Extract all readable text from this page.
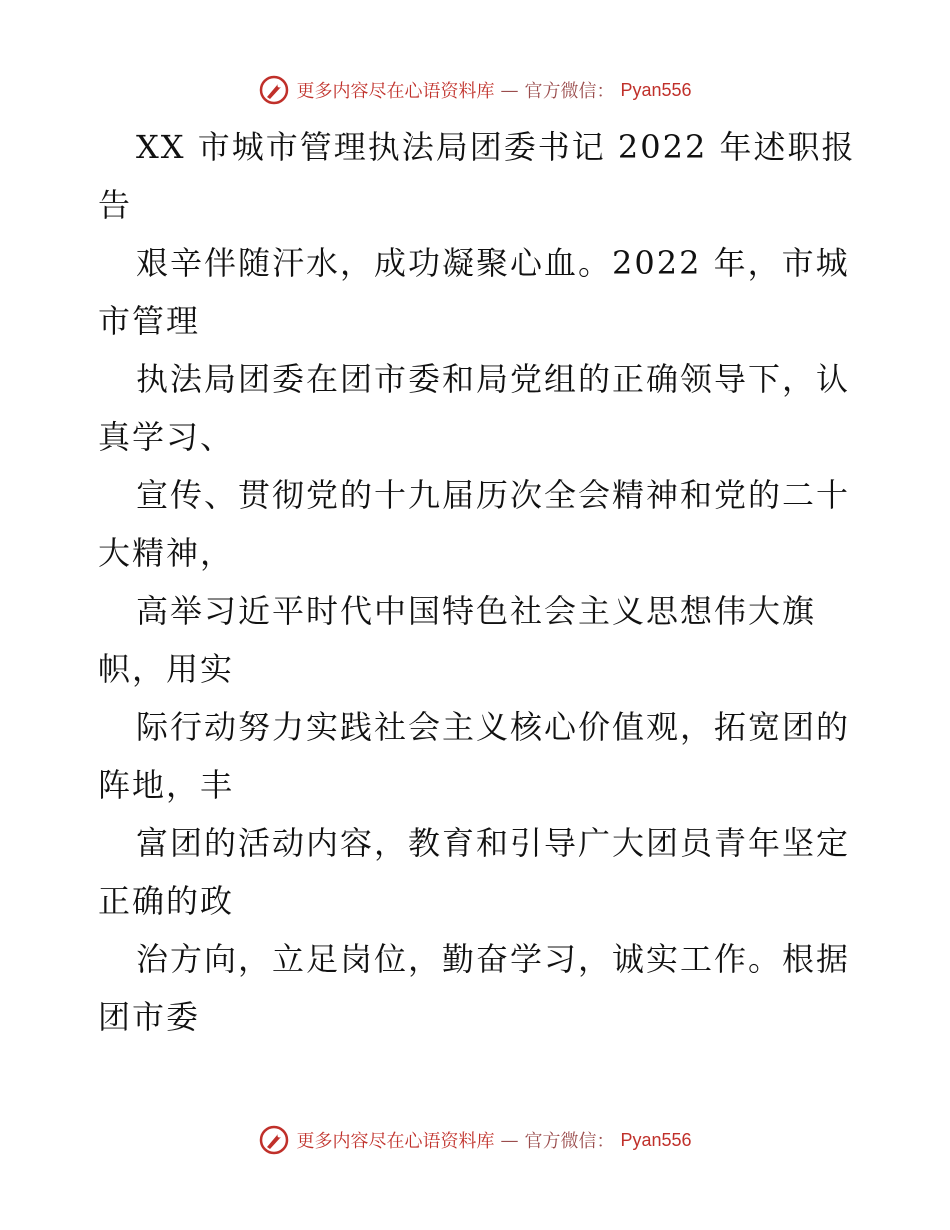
更多内容尽在心语资料库 — 官方微信： Pyan556

XX 市城市管理执法局团委书记 2022 年述职报
告

艰辛伴随汗水，成功凝聚心血。2022 年，市城
市管理

执法局团委在团市委和局党组的正确领导下，认
真学习、

宣传、贯彻党的十九届历次全会精神和党的二十
大精神，

高举习近平时代中国特色社会主义思想伟大旗
帜，用实

际行动努力实践社会主义核心价值观，拓宽团的
阵地，丰

富团的活动内容，教育和引导广大团员青年坚定
正确的政

治方向，立足岗位，勤奋学习，诚实工作。根据
团市委

更多内容尽在心语资料库 — 官方微信： Pyan556
